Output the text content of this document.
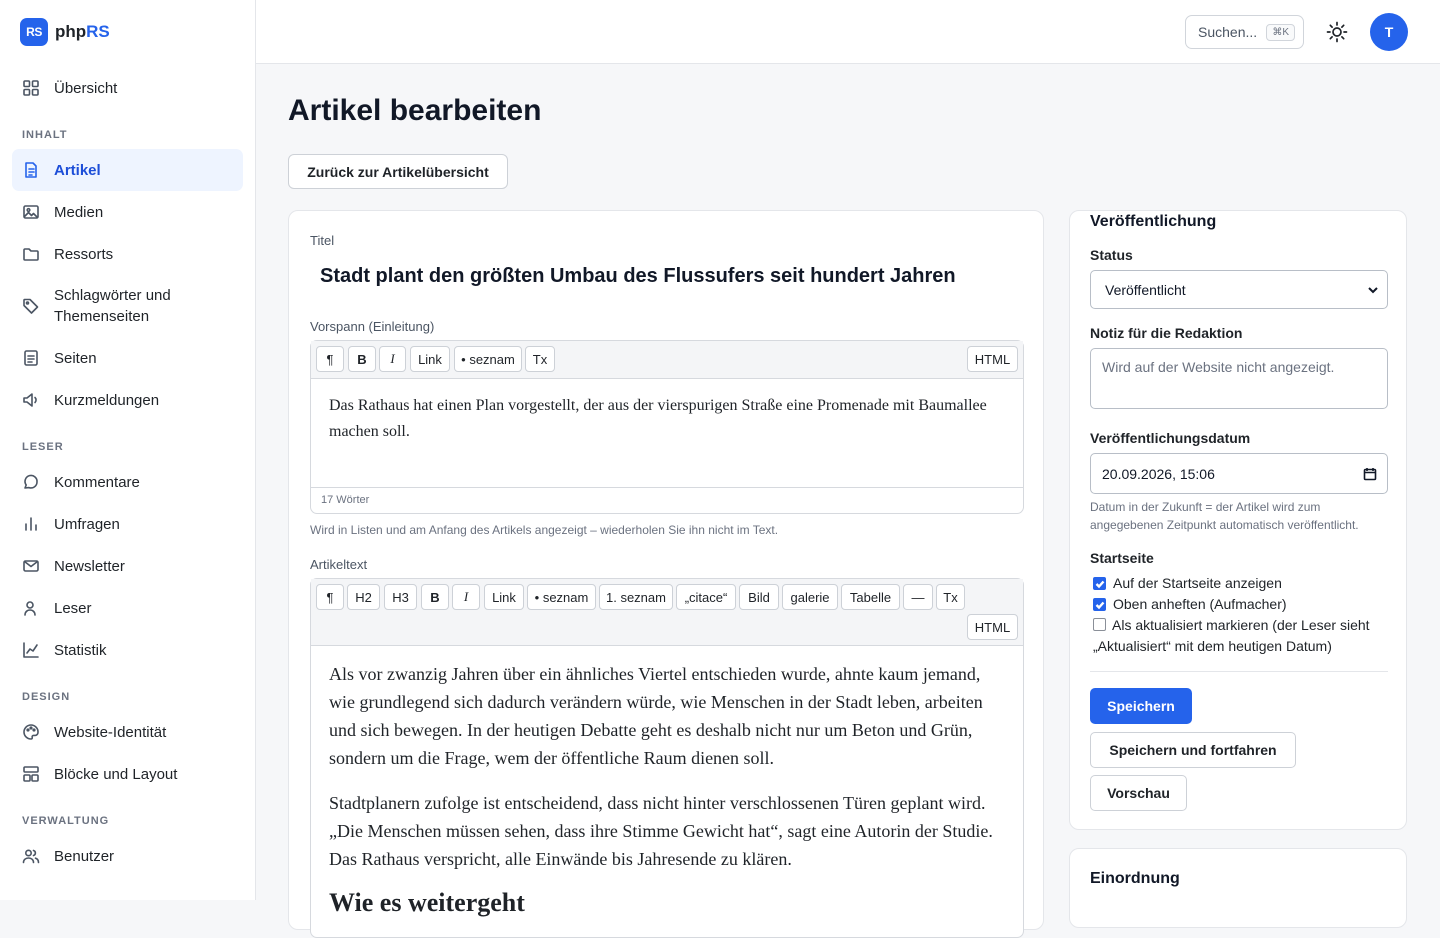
RS phpRS
Übersicht
INHALT
Artikel
Medien
Ressorts
Schlagwörter und Themenseiten
Seiten
Kurzmeldungen
LESER
Kommentare
Umfragen
Newsletter
Leser
Statistik
DESIGN
Website-Identität
Blöcke und Layout
VERWALTUNG
Benutzer
Suchen...	⌘K	T
Artikel bearbeiten
Zurück zur Artikelübersicht
Titel
Stadt plant den größten Umbau des Flussufers seit hundert Jahren
Vorspann (Einleitung)
¶	B	I	Link	• seznam	Tx	HTML
Das Rathaus hat einen Plan vorgestellt, der aus der vierspurigen Straße eine Promenade mit Baumallee machen soll.
17 Wörter
Wird in Listen und am Anfang des Artikels angezeigt – wiederholen Sie ihn nicht im Text.
Artikeltext
¶	H2	H3	B	I	Link	• seznam	1. seznam	„citace“	Bild	galerie	Tabelle	—	Tx
HTML

Als vor zwanzig Jahren über ein ähnliches Viertel entschieden wurde, ahnte kaum jemand, wie grundlegend sich dadurch verändern würde, wie Menschen in der Stadt leben, arbeiten und sich bewegen. In der heutigen Debatte geht es deshalb nicht nur um Beton und Grün, sondern um die Frage, wem der öffentliche Raum dienen soll.

Stadtplanern zufolge ist entscheidend, dass nicht hinter verschlossenen Türen geplant wird. „Die Menschen müssen sehen, dass ihre Stimme Gewicht hat“, sagt eine Autorin der Studie. Das Rathaus verspricht, alle Einwände bis Jahresende zu klären.

Wie es weitergeht
Veröffentlichung
Status
Veröffentlicht
Notiz für die Redaktion
Wird auf der Website nicht angezeigt.
Veröffentlichungsdatum
20.09.2026, 15:06
Datum in der Zukunft = der Artikel wird zum angegebenen Zeitpunkt automatisch veröffentlicht.
Startseite
Auf der Startseite anzeigen
Oben anheften (Aufmacher)
Als aktualisiert markieren (der Leser sieht „Aktualisiert“ mit dem heutigen Datum)
Speichern
Speichern und fortfahren
Vorschau
Einordnung
